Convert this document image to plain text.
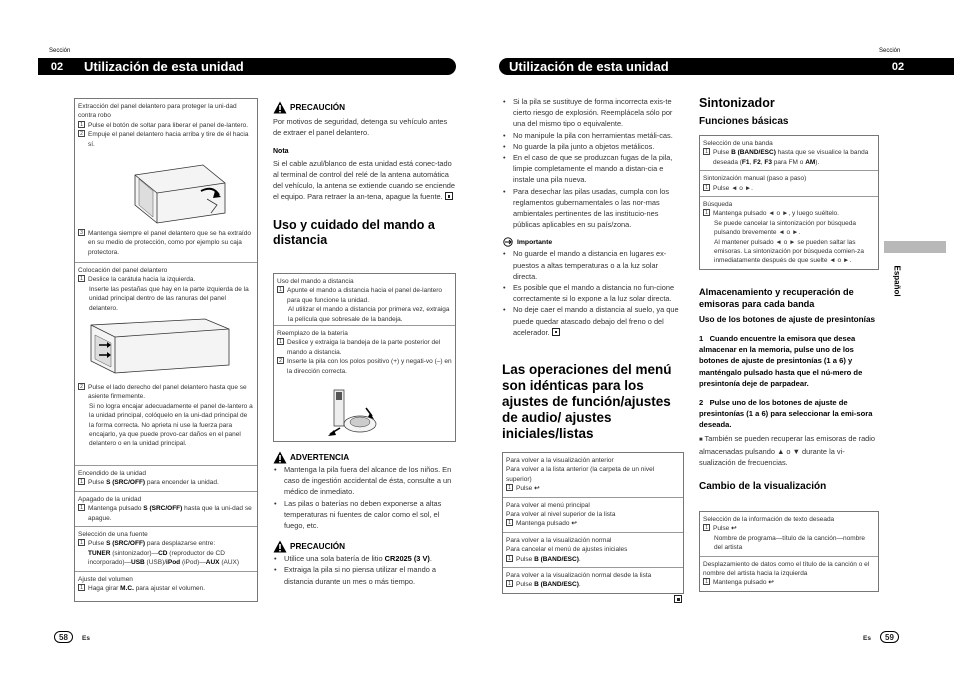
Sección
02	Utilización de esta unidad
Extracción del panel delantero para proteger la uni-dad contra robo
1 Pulse el botón de soltar para liberar el panel de-lantero.
2 Empuje el panel delantero hacia arriba y tire de él hacia sí.
3 Mantenga siempre el panel delantero que se ha extraído en su medio de protección, como por ejemplo su caja protectora.
Colocación del panel delantero
1 Deslice la carátula hacia la izquierda.
Inserte las pestañas que hay en la parte izquierda de la unidad principal dentro de las ranuras del panel delantero.
2 Pulse el lado derecho del panel delantero hasta que se asiente firmemente.
Si no logra encajar adecuadamente el panel de-lantero a la unidad principal, colóquelo en la uni-dad principal de la forma correcta. No aprieta ni use la fuerza para encajarlo, ya que puede provo-car daños en el panel delantero o en la unidad principal.
Encendido de la unidad
1 Pulse S (SRC/OFF) para encender la unidad.
Apagado de la unidad
1 Mantenga pulsado S (SRC/OFF) hasta que la uni-dad se apague.
Selección de una fuente
1 Pulse S (SRC/OFF) para desplazarse entre:
TUNER (sintonizador)—CD (reproductor de CD incorporado)—USB (USB)/iPod (iPod)—AUX (AUX)
Ajuste del volumen
1 Haga girar M.C. para ajustar el volumen.
PRECAUCIÓN
Por motivos de seguridad, detenga su vehículo antes de extraer el panel delantero.
Nota
Si el cable azul/blanco de esta unidad está conec-tado al terminal de control del relé de la antena automática del vehículo, la antena se extiende cuando se enciende el equipo. Para retraer la an-tena, apague la fuente.
Uso y cuidado del mando a distancia
Uso del mando a distancia
1 Apunte el mando a distancia hacia el panel de-lantero para que funcione la unidad.
Al utilizar el mando a distancia por primera vez, extraiga la película que sobresale de la bandeja.
Reemplazo de la batería
1 Deslice y extraiga la bandeja de la parte posterior del mando a distancia.
2 Inserte la pila con los polos positivo (+) y negati-vo (–) en la dirección correcta.
ADVERTENCIA
• Mantenga la pila fuera del alcance de los niños. En caso de ingestión accidental de ésta, consulte a un médico de inmediato.
• Las pilas o baterías no deben exponerse a altas temperaturas ni fuentes de calor como el sol, el fuego, etc.
PRECAUCIÓN
• Utilice una sola batería de litio CR2025 (3 V).
• Extraiga la pila si no piensa utilizar el mando a distancia durante un mes o más tiempo.
58	Es
Sección
Utilización de esta unidad	02
• Si la pila se sustituye de forma incorrecta exis-te cierto riesgo de explosión. Reemplácela sólo por una del mismo tipo o equivalente.
• No manipule la pila con herramientas metáli-cas.
• No guarde la pila junto a objetos metálicos.
• En el caso de que se produzcan fugas de la pila, limpie completamente el mando a distan-cia e instale una pila nueva.
• Para desechar las pilas usadas, cumpla con los reglamentos gubernamentales o las nor-mas ambientales pertinentes de las institucio-nes públicas aplicables en su país/zona.
Importante
• No guarde el mando a distancia en lugares ex-puestos a altas temperaturas o a la luz solar directa.
• Es posible que el mando a distancia no fun-cione correctamente si lo expone a la luz solar directa.
• No deje caer el mando a distancia al suelo, ya que puede quedar atascado debajo del freno o del acelerador.
Las operaciones del menú son idénticas para los ajustes de función/ajustes de audio/ ajustes iniciales/listas
Para volver a la visualización anterior
Para volver a la lista anterior (la carpeta de un nivel superior)
1 Pulse ↩
Para volver al menú principal
Para volver al nivel superior de la lista
1 Mantenga pulsado ↩
Para volver a la visualización normal
Para cancelar el menú de ajustes iniciales
1 Pulse B (BAND/ESC).
Para volver a la visualización normal desde la lista
1 Pulse B (BAND/ESC).
Sintonizador
Funciones básicas
Selección de una banda
1 Pulse B (BAND/ESC) hasta que se visualice la banda deseada (F1, F2, F3 para FM o AM).
Sintonización manual (paso a paso)
1 Pulse ◄ o ►.
Búsqueda
1 Mantenga pulsado ◄ o ►, y luego suéltelo.
Se puede cancelar la sintonización por búsqueda pulsando brevemente ◄ o ►.
Al mantener pulsado ◄ o ► se pueden saltar las emisoras. La sintonización por búsqueda comien-za inmediatamente después de que suelte ◄ o ►.
Almacenamiento y recuperación de emisoras para cada banda
Uso de los botones de ajuste de presintonías
1 Cuando encuentre la emisora que desea almacenar en la memoria, pulse uno de los botones de ajuste de presintonías (1 a 6) y manténgalo pulsado hasta que el nú-mero de presintonía deje de parpadear.
2 Pulse uno de los botones de ajuste de presintonías (1 a 6) para seleccionar la emi-sora deseada.
■ También se pueden recuperar las emisoras de radio almacenadas pulsando ▲ o ▼ durante la vi-sualización de frecuencias.
Cambio de la visualización
Selección de la información de texto deseada
1 Pulse ↩
Nombre de programa—título de la canción—nombre del artista
Desplazamiento de datos como el título de la canción o el nombre del artista hacia la izquierda
1 Mantenga pulsado ↩
Español
Es	59
